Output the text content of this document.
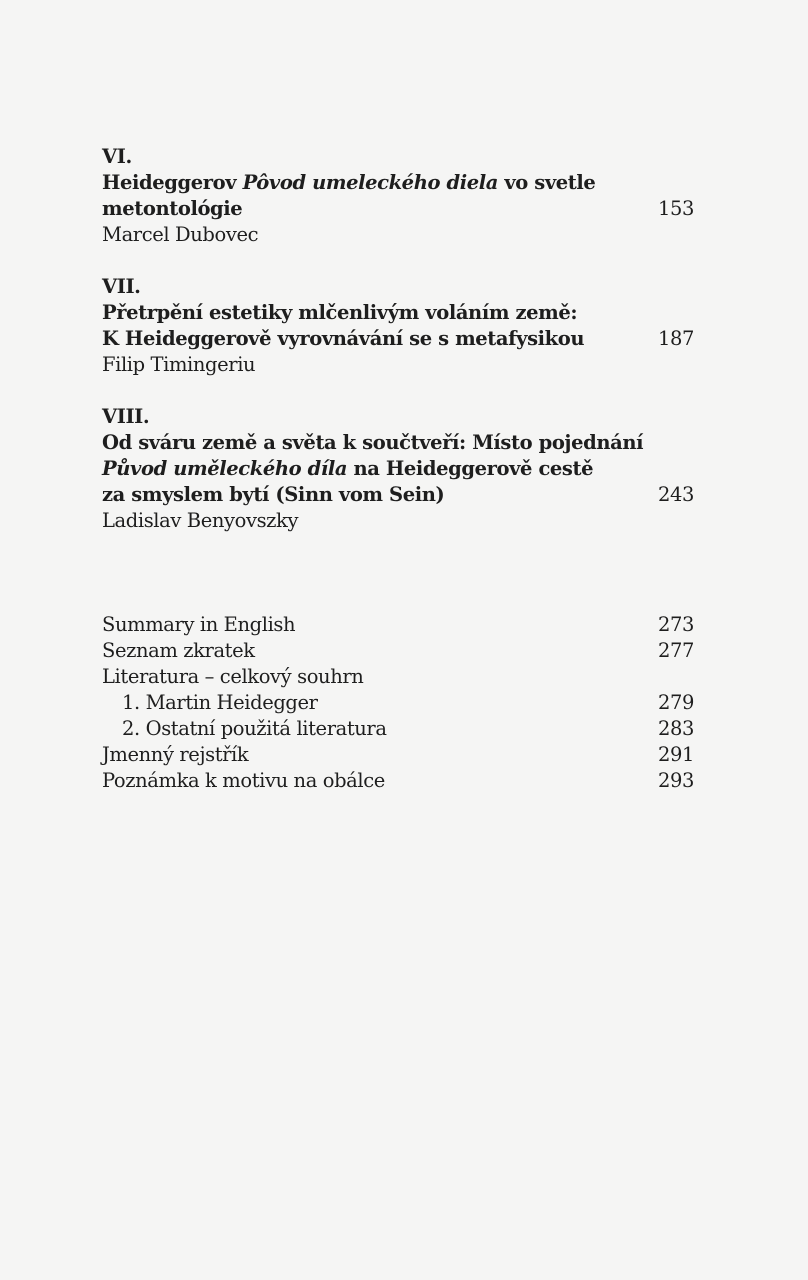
VI.
Heideggerov Pôvod umeleckého diela vo svetle
metontológie	153
Marcel Dubovec
VII.
Přetrpění estetiky mlčenlivým voláním země:
K Heideggerově vyrovnávání se s metafysikou	187
Filip Timingeriu
VIII.
Od sváru země a světa k součtveří: Místo pojednání
Původ uměleckého díla na Heideggerově cestě
za smyslem bytí (Sinn vom Sein)	243
Ladislav Benyovszky
Summary in English	273
Seznam zkratek	277
Literatura – celkový souhrn
1. Martin Heidegger	279
2. Ostatní použitá literatura	283
Jmenný rejstřík	291
Poznámka k motivu na obálce	293
